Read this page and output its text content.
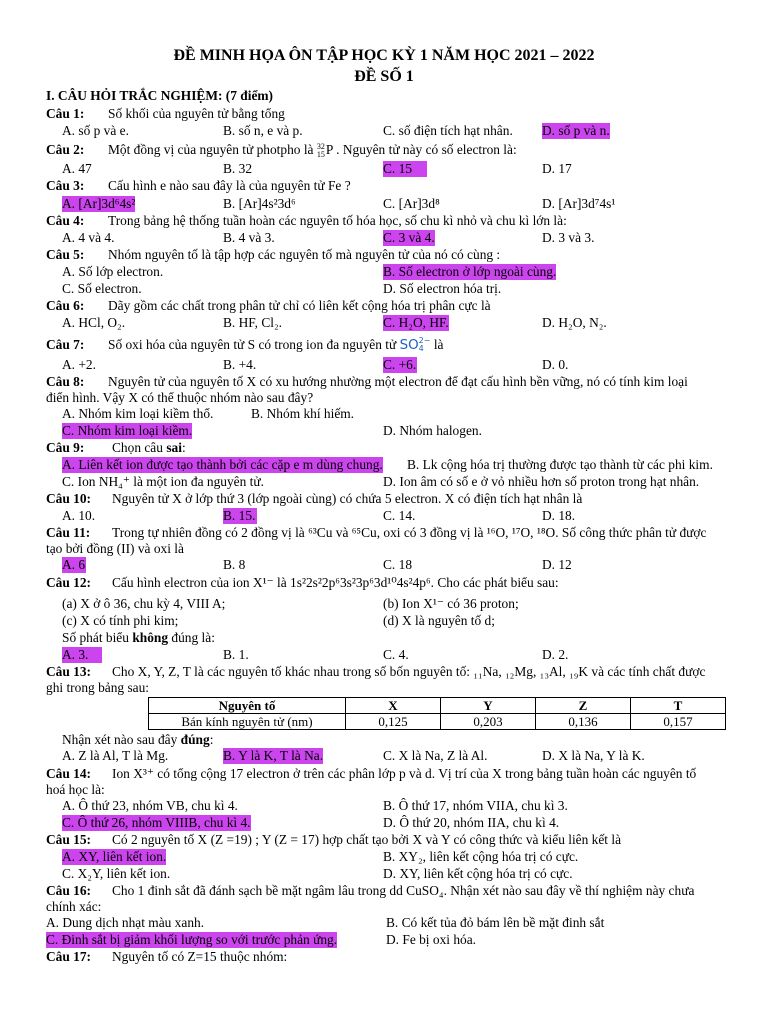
ĐỀ MINH HỌA ÔN TẬP HỌC KỲ 1 NĂM HỌC 2021 – 2022
ĐỀ SỐ 1
I. CÂU HỎI TRẮC NGHIỆM: (7 điểm)
Câu 1: Số khối của nguyên tử bằng tổng
A. số p và e.	B. số n, e và p.	C. số điện tích hạt nhân. D. số p và n.
Câu 2: Một đồng vị của nguyên tử photpho là 32
15P . Nguyên tử này có số electron là:
A. 47	B. 32	C. 15	D. 17
Câu 3: Cấu hình e nào sau đây là của nguyên tử Fe ?
A. [Ar]3d⁶4s²	B. [Ar]4s²3d⁶	C. [Ar]3d⁸	D. [Ar]3d⁷4s¹
Câu 4: Trong bảng hệ thống tuần hoàn các nguyên tố hóa học, số chu kì nhỏ và chu kì lớn là:
A. 4 và 4.	B. 4 và 3.	C. 3 và 4.	D. 3 và 3.
Câu 5: Nhóm nguyên tố là tập hợp các nguyên tố mà nguyên tử của nó có cùng :
A. Số lớp electron.	B. Số electron ở lớp ngoài cùng.
C. Số electron.	D. Số electron hóa trị.
Câu 6: Dãy gồm các chất trong phân tử chỉ có liên kết cộng hóa trị phân cực là
A. HCl, O₂.	B. HF, Cl₂.	C. H₂O, HF.	D. H₂O, N₂.
Câu 7: Số oxi hóa của nguyên tử S có trong ion đa nguyên tử SO2−
4 là
A. +2.	B. +4.	C. +6.	D. 0.
Câu 8: Nguyên tử của nguyên tố X có xu hướng nhường một electron để đạt cấu hình bền vững, nó có tính kim loại
điển hình. Vậy X có thể thuộc nhóm nào sau đây?
A. Nhóm kim loại kiềm thổ.	B. Nhóm khí hiếm.
C. Nhóm kim loại kiềm.	D. Nhóm halogen.
Câu 9: Chọn câu sai:
A. Liên kết ion được tạo thành bởi các cặp e m dùng chung. B. Lk cộng hóa trị thường được tạo thành từ các phi kim.
C. Ion NH₄⁺ là một ion đa nguyên tử.	D. Ion âm có số e ở vỏ nhiều hơn số proton trong hạt nhân.
Câu 10: Nguyên tử X ở lớp thứ 3 (lớp ngoài cùng) có chứa 5 electron. X có điện tích hạt nhân là
A. 10.	B. 15.	C. 14.	D. 18.
Câu 11: Trong tự nhiên đồng có 2 đồng vị là ⁶³Cu và ⁶⁵Cu, oxi có 3 đồng vị là ¹⁶O, ¹⁷O, ¹⁸O. Số công thức phân tử được
tạo bởi đồng (II) và oxi là
A. 6	B. 8	C. 18	D. 12
Câu 12: Cấu hình electron của ion X¹⁻ là 1s²2s²2p⁶3s²3p⁶3d¹⁰4s²4p⁶. Cho các phát biểu sau:
(a) X ở ô 36, chu kỳ 4, VIII A;	(b) Ion X¹⁻ có 36 proton;
(c) X có tính phi kim;	(d) X là nguyên tố d;
Số phát biểu không đúng là:
A. 3.	B. 1.	C. 4.	D. 2.
Câu 13: Cho X, Y, Z, T là các nguyên tố khác nhau trong số bốn nguyên tố: ₁₁Na, ₁₂Mg, ₁₃Al, ₁₉K và các tính chất được
ghi trong bảng sau:
Nguyên tố	X	Y	Z	T
Bán kính nguyên tử (nm)	0,125	0,203	0,136	0,157
Nhận xét nào sau đây đúng:
A. Z là Al, T là Mg.	B. Y là K, T là Na.	C. X là Na, Z là Al.	D. X là Na, Y là K.
Câu 14: Ion X³⁺ có tổng cộng 17 electron ở trên các phân lớp p và d. Vị trí của X trong bảng tuần hoàn các nguyên tố
hoá học là:
A. Ô thứ 23, nhóm VB, chu kì 4.	B. Ô thứ 17, nhóm VIIA, chu kì 3.
C. Ô thứ 26, nhóm VIIIB, chu kì 4.	D. Ô thứ 20, nhóm IIA, chu kì 4.
Câu 15: Có 2 nguyên tố X (Z =19) ; Y (Z = 17) hợp chất tạo bởi X và Y có công thức và kiểu liên kết là
A. XY, liên kết ion.	B. XY₂, liên kết cộng hóa trị có cực.
C. X₂Y, liên kết ion.	D. XY, liên kết cộng hóa trị có cực.
Câu 16: Cho 1 đinh sắt đã đánh sạch bề mặt ngâm lâu trong dd CuSO₄. Nhận xét nào sau đây về thí nghiệm này chưa
chính xác:
A. Dung dịch nhạt màu xanh.	B. Có kết tủa đỏ bám lên bề mặt đinh sắt
C. Đinh sắt bị giảm khối lượng so với trước phản ứng.	D. Fe bị oxi hóa.
Câu 17: Nguyên tố có Z=15 thuộc nhóm:
